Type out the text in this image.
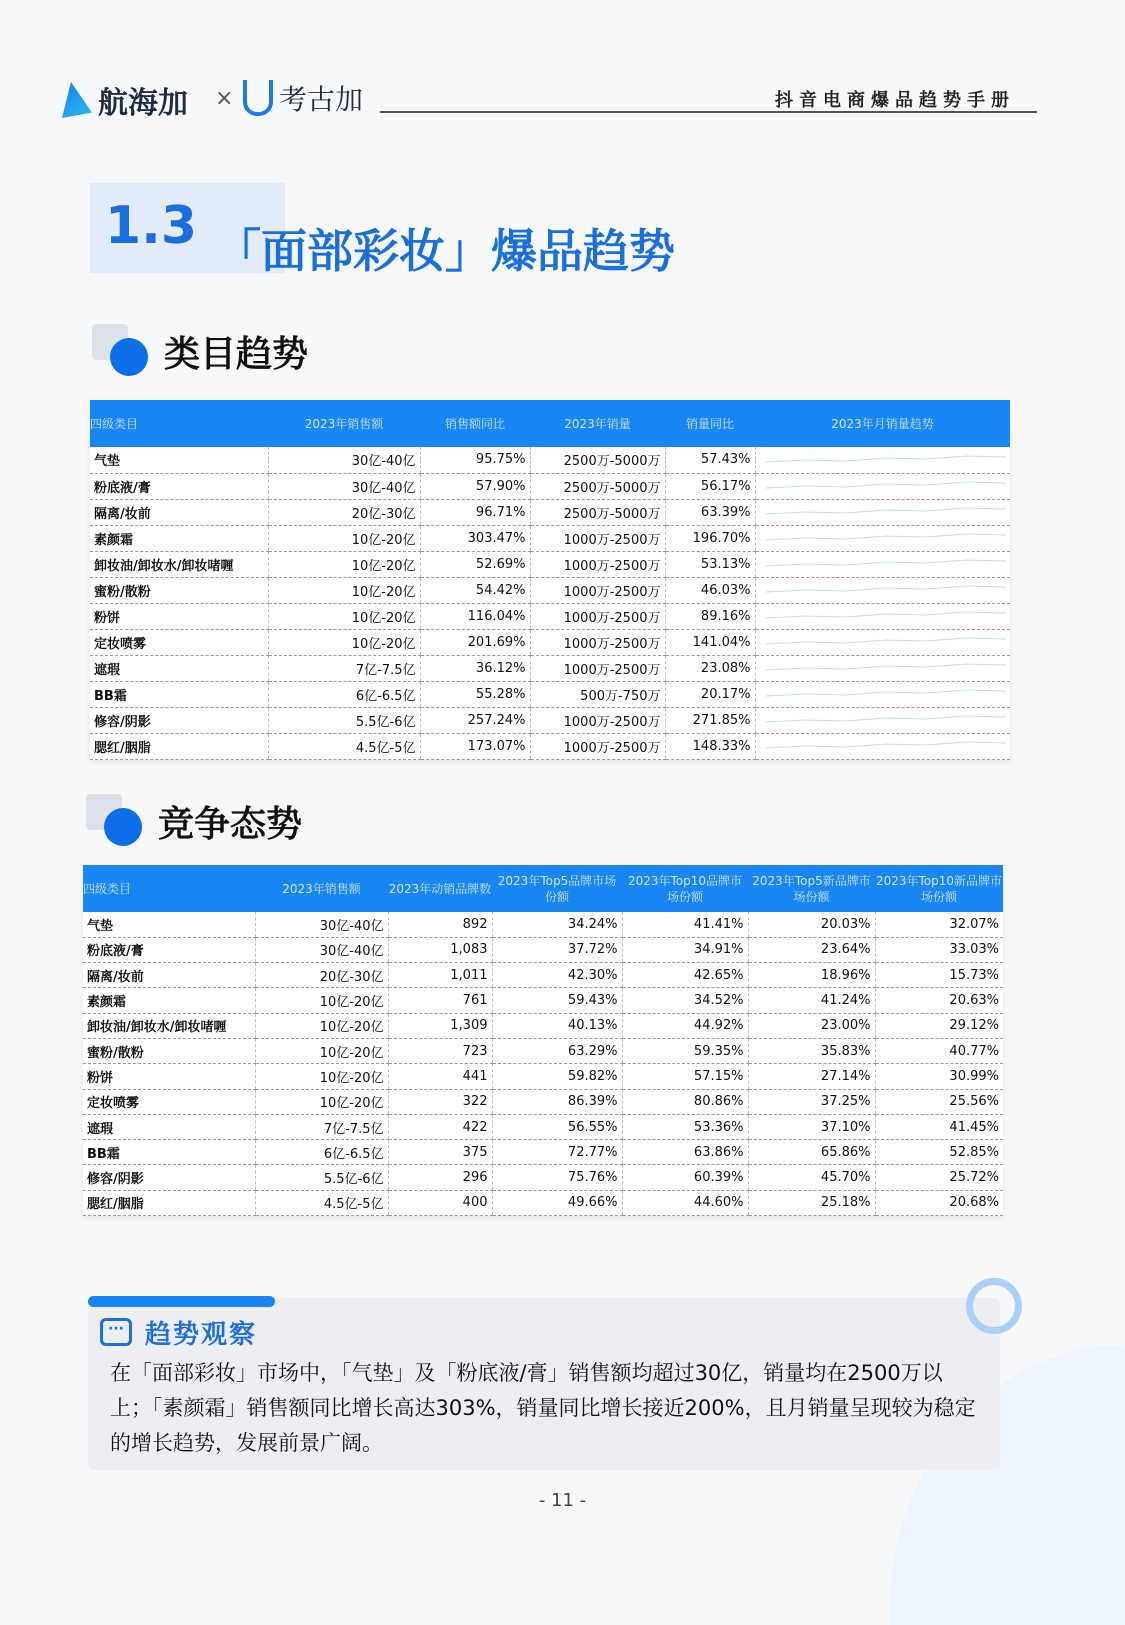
航海加 × 考古加	抖音电商爆品趋势手册
1.3 「面部彩妆」爆品趋势
类目趋势
四级类目	2023年销售额	销售额同比	2023年销量	销量同比	2023年月销量趋势
气垫	30亿-40亿	95.75%	2500万-5000万	57.43%	
粉底液/膏	30亿-40亿	57.90%	2500万-5000万	56.17%	
隔离/妆前	20亿-30亿	96.71%	2500万-5000万	63.39%	
素颜霜	10亿-20亿	303.47%	1000万-2500万	196.70%	
卸妆油/卸妆水/卸妆啫喱	10亿-20亿	52.69%	1000万-2500万	53.13%	
蜜粉/散粉	10亿-20亿	54.42%	1000万-2500万	46.03%	
粉饼	10亿-20亿	116.04%	1000万-2500万	89.16%	
定妆喷雾	10亿-20亿	201.69%	1000万-2500万	141.04%	
遮瑕	7亿-7.5亿	36.12%	1000万-2500万	23.08%	
BB霜	6亿-6.5亿	55.28%	500万-750万	20.17%	
修容/阴影	5.5亿-6亿	257.24%	1000万-2500万	271.85%	
腮红/胭脂	4.5亿-5亿	173.07%	1000万-2500万	148.33%	
竞争态势
四级类目	2023年销售额	2023年动销品牌数	2023年Top5品牌市场份额	2023年Top10品牌市场份额	2023年Top5新品牌市场份额	2023年Top10新品牌市场份额
气垫	30亿-40亿	892	34.24%	41.41%	20.03%	32.07%
粉底液/膏	30亿-40亿	1,083	37.72%	34.91%	23.64%	33.03%
隔离/妆前	20亿-30亿	1,011	42.30%	42.65%	18.96%	15.73%
素颜霜	10亿-20亿	761	59.43%	34.52%	41.24%	20.63%
卸妆油/卸妆水/卸妆啫喱	10亿-20亿	1,309	40.13%	44.92%	23.00%	29.12%
蜜粉/散粉	10亿-20亿	723	63.29%	59.35%	35.83%	40.77%
粉饼	10亿-20亿	441	59.82%	57.15%	27.14%	30.99%
定妆喷雾	10亿-20亿	322	86.39%	80.86%	37.25%	25.56%
遮瑕	7亿-7.5亿	422	56.55%	53.36%	37.10%	41.45%
BB霜	6亿-6.5亿	375	72.77%	63.86%	65.86%	52.85%
修容/阴影	5.5亿-6亿	296	75.76%	60.39%	45.70%	25.72%
腮红/胭脂	4.5亿-5亿	400	49.66%	44.60%	25.18%	20.68%
··· 趋势观察
在「面部彩妆」市场中，「气垫」及「粉底液/膏」销售额均超过30亿，销量均在2500万以上；「素颜霜」销售额同比增长高达303%，销量同比增长接近200%，且月销量呈现较为稳定的增长趋势，发展前景广阔。
- 11 -
